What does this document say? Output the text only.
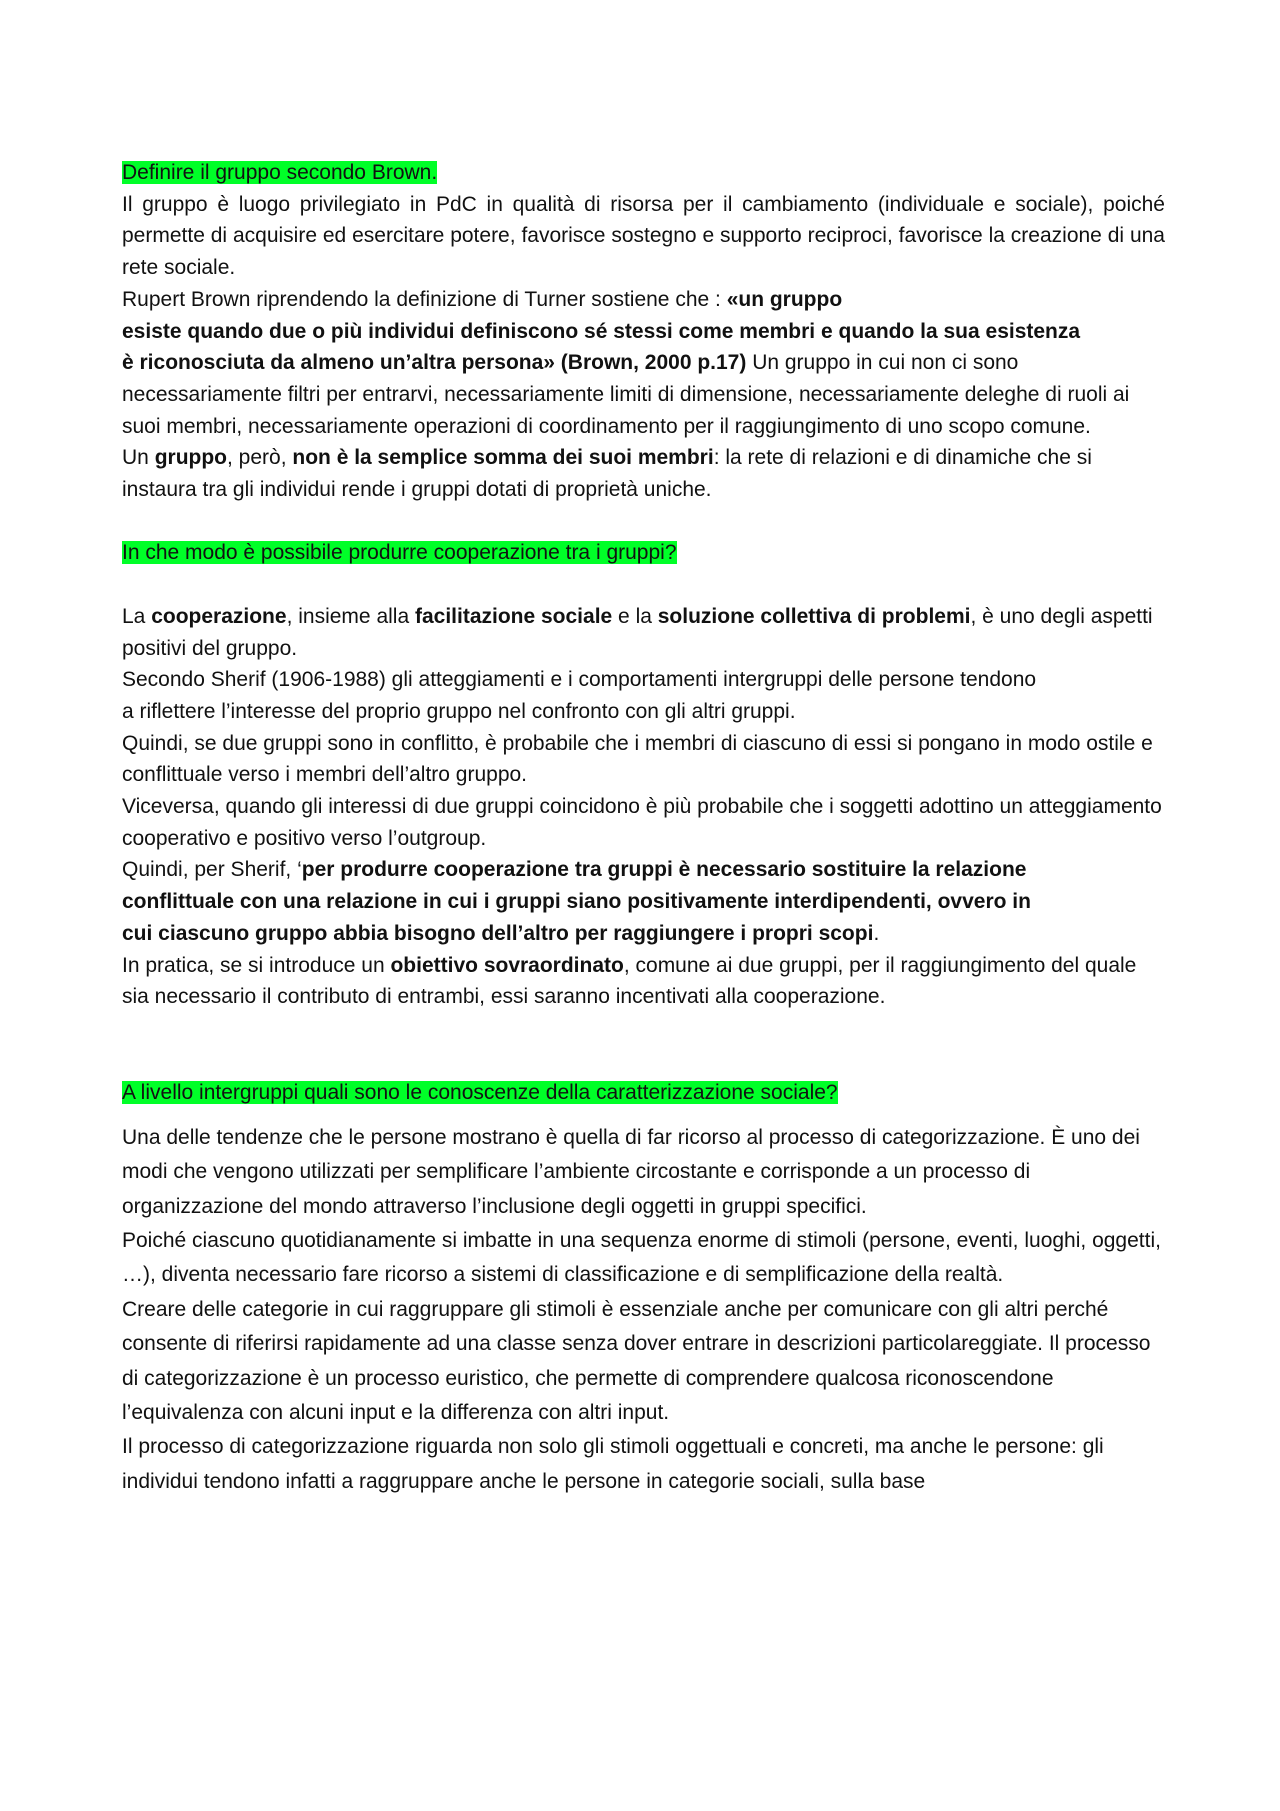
Definire il gruppo secondo Brown.

Il gruppo è luogo privilegiato in PdC in qualità di risorsa per il cambiamento (individuale e sociale), poiché permette di acquisire ed esercitare potere, favorisce sostegno e supporto reciproci, favorisce la creazione di una rete sociale.

Rupert Brown riprendendo la definizione di Turner sostiene che : «un gruppo
esiste quando due o più individui definiscono sé stessi come membri e quando la sua esistenza
è riconosciuta da almeno un’altra persona» (Brown, 2000 p.17) Un gruppo in cui non ci sono necessariamente filtri per entrarvi, necessariamente limiti di dimensione, necessariamente deleghe di ruoli ai suoi membri, necessariamente operazioni di coordinamento per il raggiungimento di uno scopo comune.

Un gruppo, però, non è la semplice somma dei suoi membri: la rete di relazioni e di dinamiche che si instaura tra gli individui rende i gruppi dotati di proprietà uniche.

In che modo è possibile produrre cooperazione tra i gruppi?

La cooperazione, insieme alla facilitazione sociale e la soluzione collettiva di problemi, è uno degli aspetti positivi del gruppo.

Secondo Sherif (1906-1988) gli atteggiamenti e i comportamenti intergruppi delle persone tendono

a riflettere l’interesse del proprio gruppo nel confronto con gli altri gruppi.

Quindi, se due gruppi sono in conflitto, è probabile che i membri di ciascuno di essi si pongano in modo ostile e conflittuale verso i membri dell’altro gruppo.

Viceversa, quando gli interessi di due gruppi coincidono è più probabile che i soggetti adottino un atteggiamento cooperativo e positivo verso l’outgroup.

Quindi, per Sherif, ‘per produrre cooperazione tra gruppi è necessario sostituire la relazione
conflittuale con una relazione in cui i gruppi siano positivamente interdipendenti, ovvero in
cui ciascuno gruppo abbia bisogno dell’altro per raggiungere i propri scopi.

In pratica, se si introduce un obiettivo sovraordinato, comune ai due gruppi, per il raggiungimento del quale sia necessario il contributo di entrambi, essi saranno incentivati alla cooperazione.

A livello intergruppi quali sono le conoscenze della caratterizzazione sociale?

Una delle tendenze che le persone mostrano è quella di far ricorso al processo di categorizzazione. È uno dei modi che vengono utilizzati per semplificare l’ambiente circostante e corrisponde a un processo di organizzazione del mondo attraverso l’inclusione degli oggetti in gruppi specifici.

Poiché ciascuno quotidianamente si imbatte in una sequenza enorme di stimoli (persone, eventi, luoghi, oggetti, …), diventa necessario fare ricorso a sistemi di classificazione e di semplificazione della realtà.

Creare delle categorie in cui raggruppare gli stimoli è essenziale anche per comunicare con gli altri perché consente di riferirsi rapidamente ad una classe senza dover entrare in descrizioni particolareggiate. Il processo di categorizzazione è un processo euristico, che permette di comprendere qualcosa riconoscendone l’equivalenza con alcuni input e la differenza con altri input.

Il processo di categorizzazione riguarda non solo gli stimoli oggettuali e concreti, ma anche le persone: gli individui tendono infatti a raggruppare anche le persone in categorie sociali, sulla base
